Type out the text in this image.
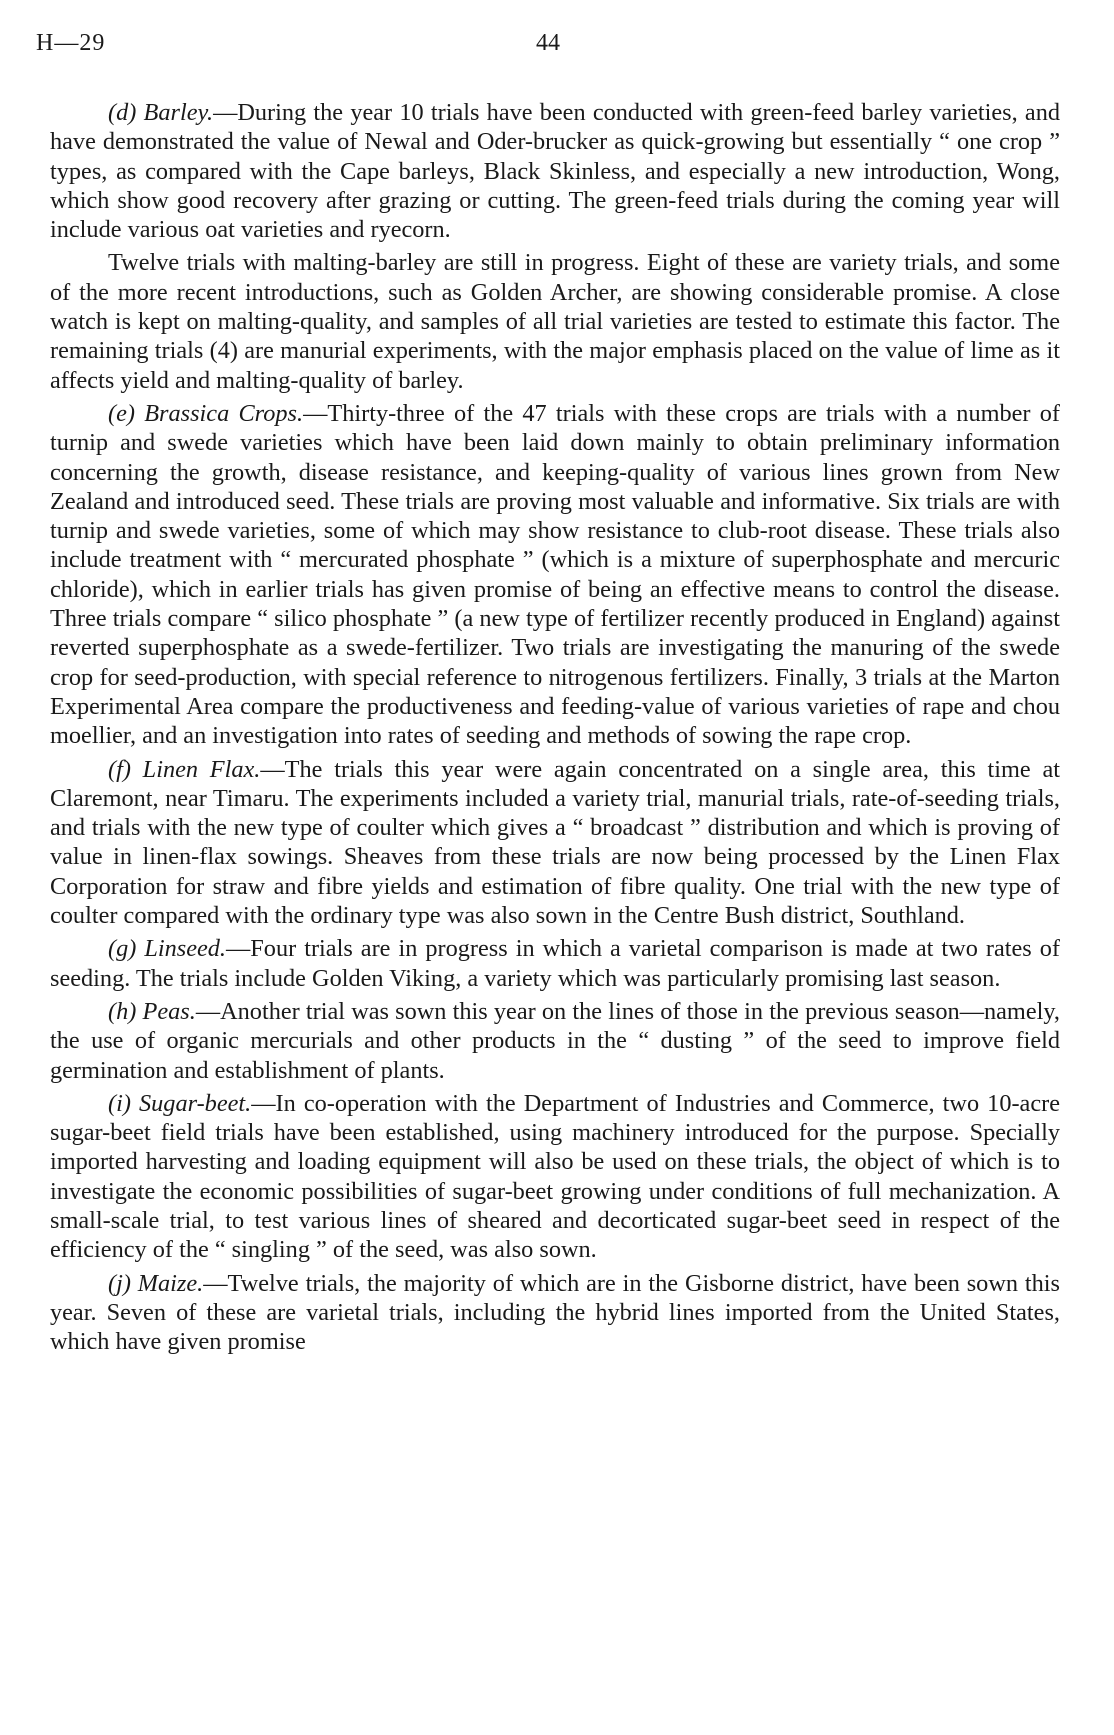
H—29	44

(d) Barley.—During the year 10 trials have been conducted with green-feed barley varieties, and have demonstrated the value of Newal and Oder-brucker as quick-growing but essentially “ one crop ” types, as compared with the Cape barleys, Black Skinless, and especially a new introduction, Wong, which show good recovery after grazing or cutting. The green-feed trials during the coming year will include various oat varieties and ryecorn.

Twelve trials with malting-barley are still in progress. Eight of these are variety trials, and some of the more recent introductions, such as Golden Archer, are showing considerable promise. A close watch is kept on malting-quality, and samples of all trial varieties are tested to estimate this factor. The remaining trials (4) are manurial experiments, with the major emphasis placed on the value of lime as it affects yield and malting-quality of barley.

(e) Brassica Crops.—Thirty-three of the 47 trials with these crops are trials with a number of turnip and swede varieties which have been laid down mainly to obtain preliminary information concerning the growth, disease resistance, and keeping-quality of various lines grown from New Zealand and introduced seed. These trials are proving most valuable and informative. Six trials are with turnip and swede varieties, some of which may show resistance to club-root disease. These trials also include treatment with “ mercurated phosphate ” (which is a mixture of superphosphate and mercuric chloride), which in earlier trials has given promise of being an effective means to control the disease. Three trials compare “ silico phosphate ” (a new type of fertilizer recently produced in England) against reverted superphosphate as a swede-fertilizer. Two trials are investigating the manuring of the swede crop for seed-production, with special reference to nitrogenous fertilizers. Finally, 3 trials at the Marton Experimental Area compare the productiveness and feeding-value of various varieties of rape and chou moellier, and an investigation into rates of seeding and methods of sowing the rape crop.

(f) Linen Flax.—The trials this year were again concentrated on a single area, this time at Claremont, near Timaru. The experiments included a variety trial, manurial trials, rate-of-seeding trials, and trials with the new type of coulter which gives a “ broadcast ” distribution and which is proving of value in linen-flax sowings. Sheaves from these trials are now being processed by the Linen Flax Corporation for straw and fibre yields and estimation of fibre quality. One trial with the new type of coulter compared with the ordinary type was also sown in the Centre Bush district, Southland.

(g) Linseed.—Four trials are in progress in which a varietal comparison is made at two rates of seeding. The trials include Golden Viking, a variety which was particularly promising last season.

(h) Peas.—Another trial was sown this year on the lines of those in the previous season—namely, the use of organic mercurials and other products in the “ dusting ” of the seed to improve field germination and establishment of plants.

(i) Sugar-beet.—In co-operation with the Department of Industries and Commerce, two 10-acre sugar-beet field trials have been established, using machinery introduced for the purpose. Specially imported harvesting and loading equipment will also be used on these trials, the object of which is to investigate the economic possibilities of sugar-beet growing under conditions of full mechanization. A small-scale trial, to test various lines of sheared and decorticated sugar-beet seed in respect of the efficiency of the “ singling ” of the seed, was also sown.

(j) Maize.—Twelve trials, the majority of which are in the Gisborne district, have been sown this year. Seven of these are varietal trials, including the hybrid lines imported from the United States, which have given promise
